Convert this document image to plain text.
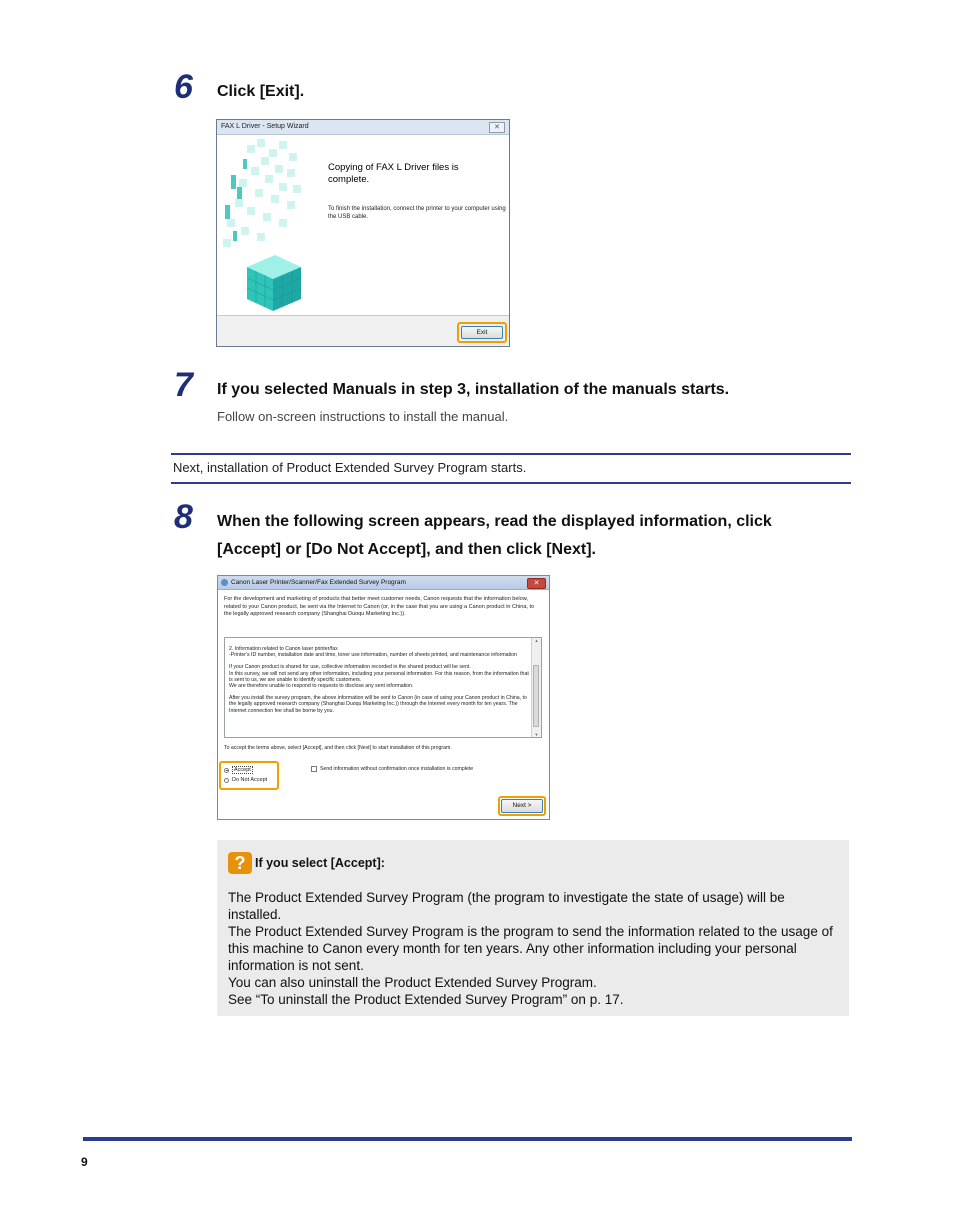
6 Click [Exit].
FAX L Driver - Setup Wizard	✕
Copying of FAX L Driver files is complete.
To finish the installation, connect the printer to your computer using the USB cable.
Exit
7 If you selected Manuals in step 3, installation of the manuals starts.
Follow on-screen instructions to install the manual.
Next, installation of Product Extended Survey Program starts.
8 When the following screen appears, read the displayed information, click
[Accept] or [Do Not Accept], and then click [Next].
Canon Laser Printer/Scanner/Fax Extended Survey Program	✕
For the development and marketing of products that better meet customer needs, Canon requests that the information below, related to your Canon product, be sent via the Internet to Canon (or, in the case that you are using a Canon product in China, to the legally approved research company (Shanghai Duoqu Marketing Inc.)).
2. Information related to Canon laser printer/fax
-Printer's ID number, installation date and time, toner use information, number of sheets printed, and maintenance information
If your Canon product is shared for use, collective information recorded in the shared product will be sent.
In this survey, we will not send any other information, including your personal information. For this reason, from the information that is sent to us, we are unable to identify specific customers.
We are therefore unable to respond to requests to disclose any sent information.
After you install the survey program, the above information will be sent to Canon (in case of using your Canon product in China, to the legally approved research company (Shanghai Duoqu Marketing Inc.)) through the Internet every month for ten years. The Internet connection fee shall be borne by you.
▲
▼
To accept the terms above, select [Accept], and then click [Next] to start installation of this program.
Accept
Do Not Accept
Send information without confirmation once installation is complete
Next >
? If you select [Accept]:
The Product Extended Survey Program (the program to investigate the state of usage) will be installed.
The Product Extended Survey Program is the program to send the information related to the usage of this machine to Canon every month for ten years. Any other information including your personal information is not sent.
You can also uninstall the Product Extended Survey Program.
See “To uninstall the Product Extended Survey Program” on p. 17.
9
